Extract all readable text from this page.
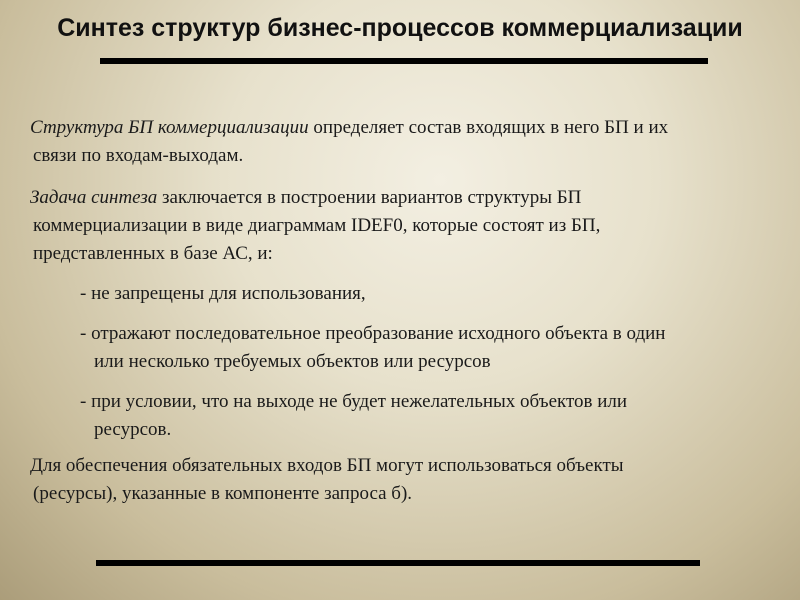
Синтез структур бизнес-процессов коммерциализации

Структура БП коммерциализации определяет состав входящих в него БП и их
связи по входам-выходам.

Задача синтеза заключается в построении вариантов структуры БП
коммерциализации в виде диаграммам IDEF0, которые состоят из БП,
представленных в базе АС, и:

- не запрещены для использования,

- отражают последовательное преобразование исходного объекта в один
или несколько требуемых объектов или ресурсов

- при условии, что на выходе не будет нежелательных объектов или
ресурсов.

Для обеспечения обязательных входов БП могут использоваться объекты
(ресурсы), указанные в компоненте запроса б).
